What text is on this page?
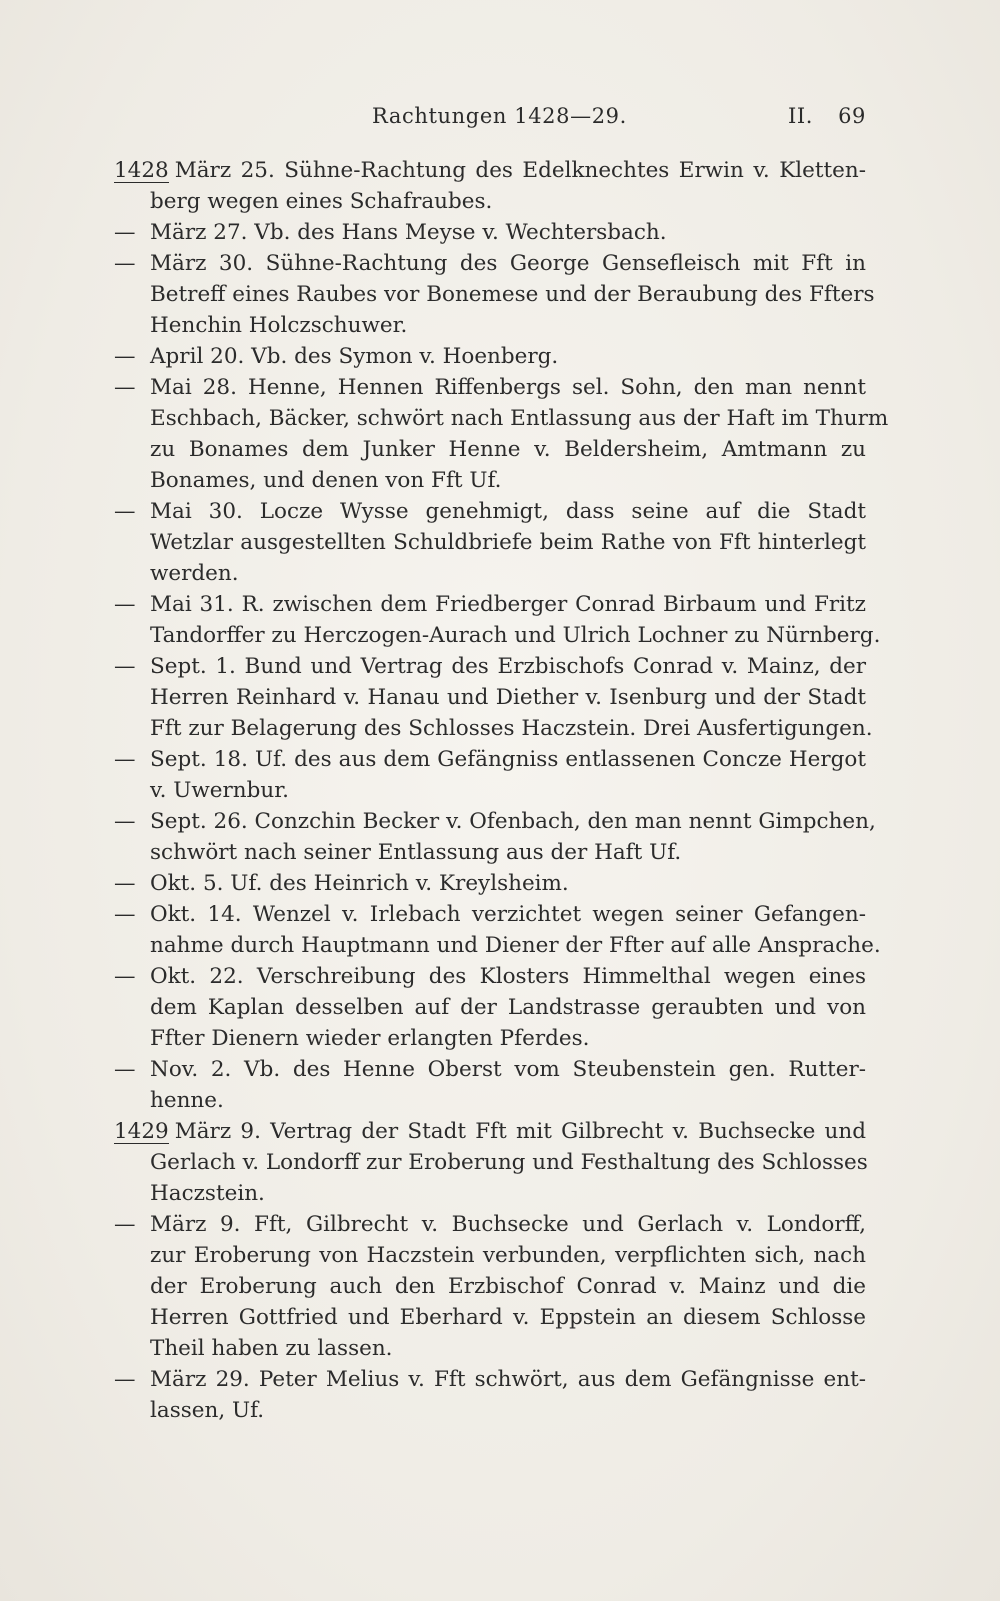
Rachtungen 1428—29.	II. 69
1428 März 25. Sühne-Rachtung des Edelknechtes Erwin v. Kletten-
berg wegen eines Schafraubes.
— März 27. Vb. des Hans Meyse v. Wechtersbach.
— März 30. Sühne-Rachtung des George Gensefleisch mit Fft in
Betreff eines Raubes vor Bonemese und der Beraubung des Ffters
Henchin Holczschuwer.
— April 20. Vb. des Symon v. Hoenberg.
— Mai 28. Henne, Hennen Riffenbergs sel. Sohn, den man nennt
Eschbach, Bäcker, schwört nach Entlassung aus der Haft im Thurm
zu Bonames dem Junker Henne v. Beldersheim, Amtmann zu
Bonames, und denen von Fft Uf.
— Mai 30. Locze Wysse genehmigt, dass seine auf die Stadt
Wetzlar ausgestellten Schuldbriefe beim Rathe von Fft hinterlegt
werden.
— Mai 31. R. zwischen dem Friedberger Conrad Birbaum und Fritz
Tandorffer zu Herczogen-Aurach und Ulrich Lochner zu Nürnberg.
— Sept. 1. Bund und Vertrag des Erzbischofs Conrad v. Mainz, der
Herren Reinhard v. Hanau und Diether v. Isenburg und der Stadt
Fft zur Belagerung des Schlosses Haczstein. Drei Ausfertigungen.
— Sept. 18. Uf. des aus dem Gefängniss entlassenen Concze Hergot
v. Uwernbur.
— Sept. 26. Conzchin Becker v. Ofenbach, den man nennt Gimpchen,
schwört nach seiner Entlassung aus der Haft Uf.
— Okt. 5. Uf. des Heinrich v. Kreylsheim.
— Okt. 14. Wenzel v. Irlebach verzichtet wegen seiner Gefangen-
nahme durch Hauptmann und Diener der Ffter auf alle Ansprache.
— Okt. 22. Verschreibung des Klosters Himmelthal wegen eines
dem Kaplan desselben auf der Landstrasse geraubten und von
Ffter Dienern wieder erlangten Pferdes.
— Nov. 2. Vb. des Henne Oberst vom Steubenstein gen. Rutter-
henne.
1429 März 9. Vertrag der Stadt Fft mit Gilbrecht v. Buchsecke und
Gerlach v. Londorff zur Eroberung und Festhaltung des Schlosses
Haczstein.
— März 9. Fft, Gilbrecht v. Buchsecke und Gerlach v. Londorff,
zur Eroberung von Haczstein verbunden, verpflichten sich, nach
der Eroberung auch den Erzbischof Conrad v. Mainz und die
Herren Gottfried und Eberhard v. Eppstein an diesem Schlosse
Theil haben zu lassen.
— März 29. Peter Melius v. Fft schwört, aus dem Gefängnisse ent-
lassen, Uf.
